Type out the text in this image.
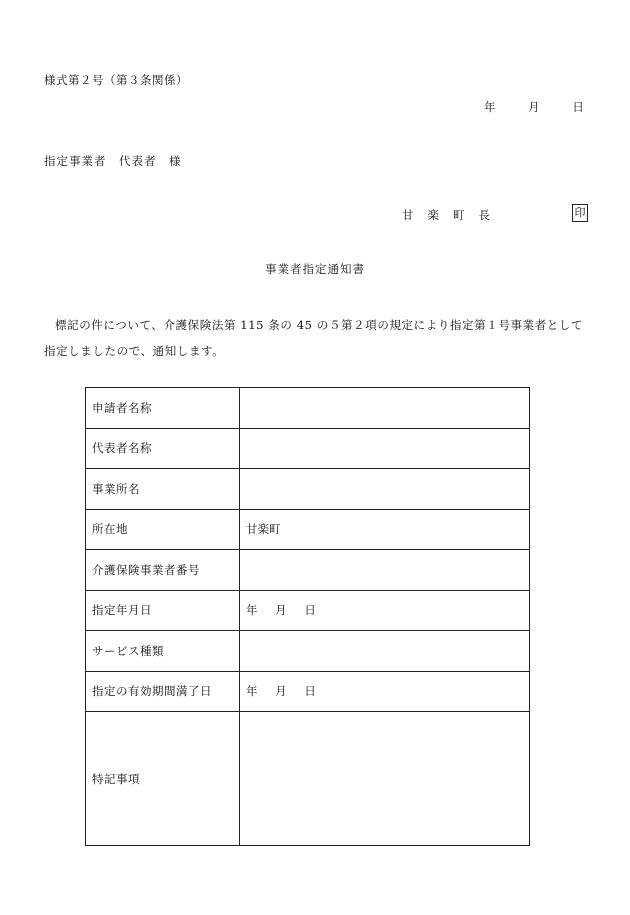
様式第２号（第３条関係）
年	月	日
指定事業者　代表者　様
甘楽町長	印
事業者指定通知書
標記の件について、介護保険法第 115 条の 45 の５第２項の規定により指定第１号事業者として指定しましたので、通知します。
申請者名称	
代表者名称	
事業所名	
所在地	甘楽町
介護保険事業者番号	
指定年月日	年 月 日
サービス種類	
指定の有効期間満了日	年 月 日
特記事項	
